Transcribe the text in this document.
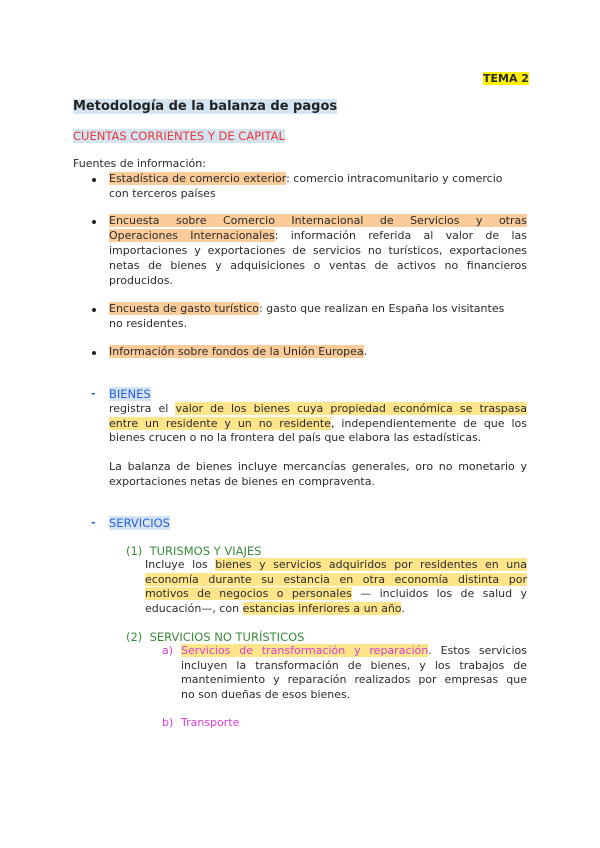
TEMA 2
Metodología de la balanza de pagos
CUENTAS CORRIENTES Y DE CAPITAL
Fuentes de información:
Estadística de comercio exterior: comercio intracomunitario y comercio
con terceros países
Encuesta sobre Comercio Internacional de Servicios y otras
Operaciones Internacionales: información referida al valor de las
importaciones y exportaciones de servicios no turísticos, exportaciones
netas de bienes y adquisiciones o ventas de activos no financieros
producidos.
Encuesta de gasto turístico: gasto que realizan en España los visitantes
no residentes.
Información sobre fondos de la Unión Europea.
- BIENES
registra el valor de los bienes cuya propiedad económica se traspasa
entre un residente y un no residente, independientemente de que los
bienes crucen o no la frontera del país que elabora las estadísticas.
La balanza de bienes incluye mercancías generales, oro no monetario y
exportaciones netas de bienes en compraventa.
- SERVICIOS
(1) TURISMOS Y VIAJES
Incluye los bienes y servicios adquiridos por residentes en una
economía durante su estancia en otra economía distinta por
motivos de negocios o personales — incluidos los de salud y
educación—, con estancias inferiores a un año.
(2) SERVICIOS NO TURÍSTICOS
a) Servicios de transformación y reparación. Estos servicios
incluyen la transformación de bienes, y los trabajos de
mantenimiento y reparación realizados por empresas que
no son dueñas de esos bienes.
b) Transporte
